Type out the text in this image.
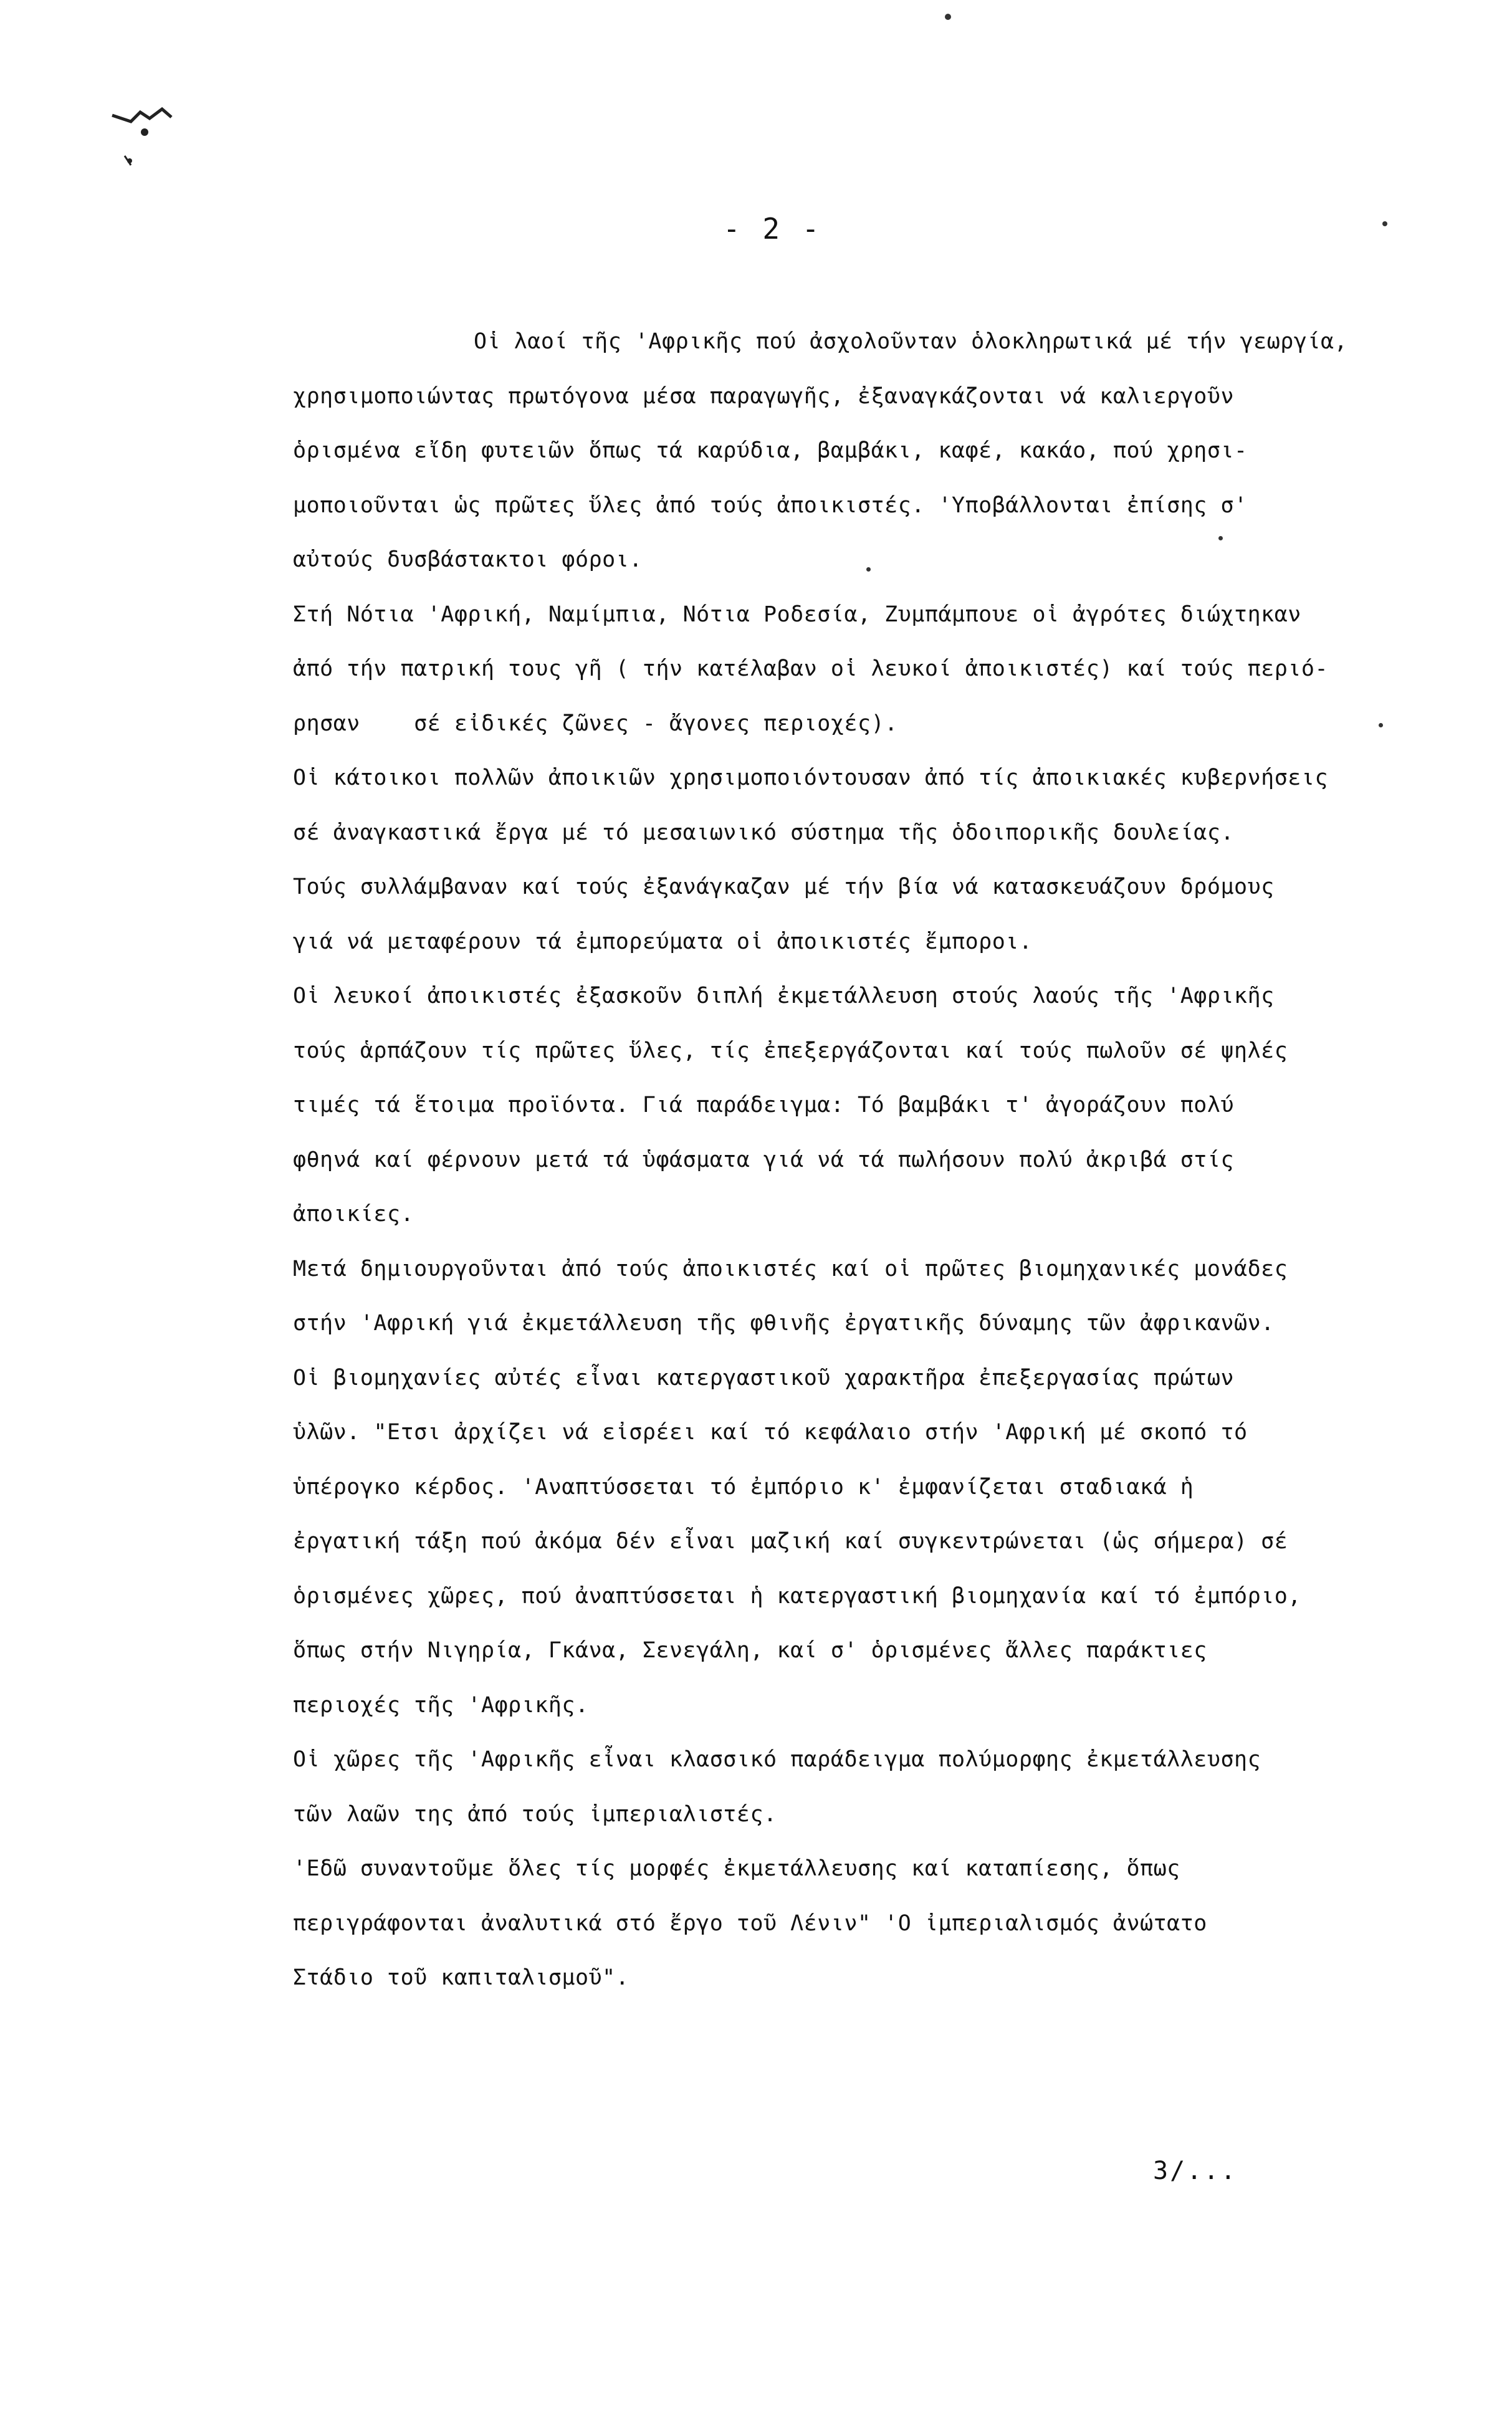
- 2 -
Οἱ λαοί τῆς 'Αφρικῆς πού ἀσχολοῦνταν ὁλοκληρωτικά μέ τήν γεωργία,
χρησιμοποιώντας πρωτόγονα μέσα παραγωγῆς, ἐξαναγκάζονται νά καλιεργοῦν
ὁρισμένα εἴδη φυτειῶν ὅπως τά καρύδια, βαμβάκι, καφέ, κακάο, πού χρησι-
μοποιοῦνται ὡς πρῶτες ὕλες ἀπό τούς ἀποικιστές. 'Υποβάλλονται ἐπίσης σ'
αὐτούς δυσβάστακτοι φόροι.
Στή Νότια 'Αφρική, Ναμίμπια, Νότια Ροδεσία, Ζυμπάμπουε οἱ ἀγρότες διώχτηκαν
ἀπό τήν πατρική τους γῆ ( τήν κατέλαβαν οἱ λευκοί ἀποικιστές) καί τούς περιό-
ρησαν    σέ εἰδικές ζῶνες - ἄγονες περιοχές).
Οἱ κάτοικοι πολλῶν ἀποικιῶν χρησιμοποιόντουσαν ἀπό τίς ἀποικιακές κυβερνήσεις
σέ ἀναγκαστικά ἔργα μέ τό μεσαιωνικό σύστημα τῆς ὁδοιπορικῆς δουλείας.
Τούς συλλάμβαναν καί τούς ἐξανάγκαζαν μέ τήν βία νά κατασκευάζουν δρόμους
γιά νά μεταφέρουν τά ἐμπορεύματα οἱ ἀποικιστές ἔμποροι.
Οἱ λευκοί ἀποικιστές ἐξασκοῦν διπλή ἐκμετάλλευση στούς λαούς τῆς 'Αφρικῆς
τούς ἁρπάζουν τίς πρῶτες ὕλες, τίς ἐπεξεργάζονται καί τούς πωλοῦν σέ ψηλές
τιμές τά ἕτοιμα προϊόντα. Γιά παράδειγμα: Τό βαμβάκι τ' ἀγοράζουν πολύ
φθηνά καί φέρνουν μετά τά ὑφάσματα γιά νά τά πωλήσουν πολύ ἀκριβά στίς
ἀποικίες.
Μετά δημιουργοῦνται ἀπό τούς ἀποικιστές καί οἱ πρῶτες βιομηχανικές μονάδες
στήν 'Αφρική γιά ἐκμετάλλευση τῆς φθινῆς ἐργατικῆς δύναμης τῶν ἀφρικανῶν.
Οἱ βιομηχανίες αὐτές εἶναι κατεργαστικοῦ χαρακτῆρα ἐπεξεργασίας πρώτων
ὑλῶν. "Ετσι ἀρχίζει νά εἰσρέει καί τό κεφάλαιο στήν 'Αφρική μέ σκοπό τό
ὑπέρογκο κέρδος. 'Αναπτύσσεται τό ἐμπόριο κ' ἐμφανίζεται σταδιακά ἡ
ἐργατική τάξη πού ἀκόμα δέν εἶναι μαζική καί συγκεντρώνεται (ὡς σήμερα) σέ
ὁρισμένες χῶρες, πού ἀναπτύσσεται ἡ κατεργαστική βιομηχανία καί τό ἐμπόριο,
ὅπως στήν Νιγηρία, Γκάνα, Σενεγάλη, καί σ' ὁρισμένες ἄλλες παράκτιες
περιοχές τῆς 'Αφρικῆς.
Οἱ χῶρες τῆς 'Αφρικῆς εἶναι κλασσικό παράδειγμα πολύμορφης ἐκμετάλλευσης
τῶν λαῶν της ἀπό τούς ἰμπεριαλιστές.
'Εδῶ συναντοῦμε ὅλες τίς μορφές ἐκμετάλλευσης καί καταπίεσης, ὅπως
περιγράφονται ἀναλυτικά στό ἔργο τοῦ Λένιν" 'Ο ἰμπεριαλισμός ἀνώτατο
Στάδιο τοῦ καπιταλισμοῦ".
3/...
